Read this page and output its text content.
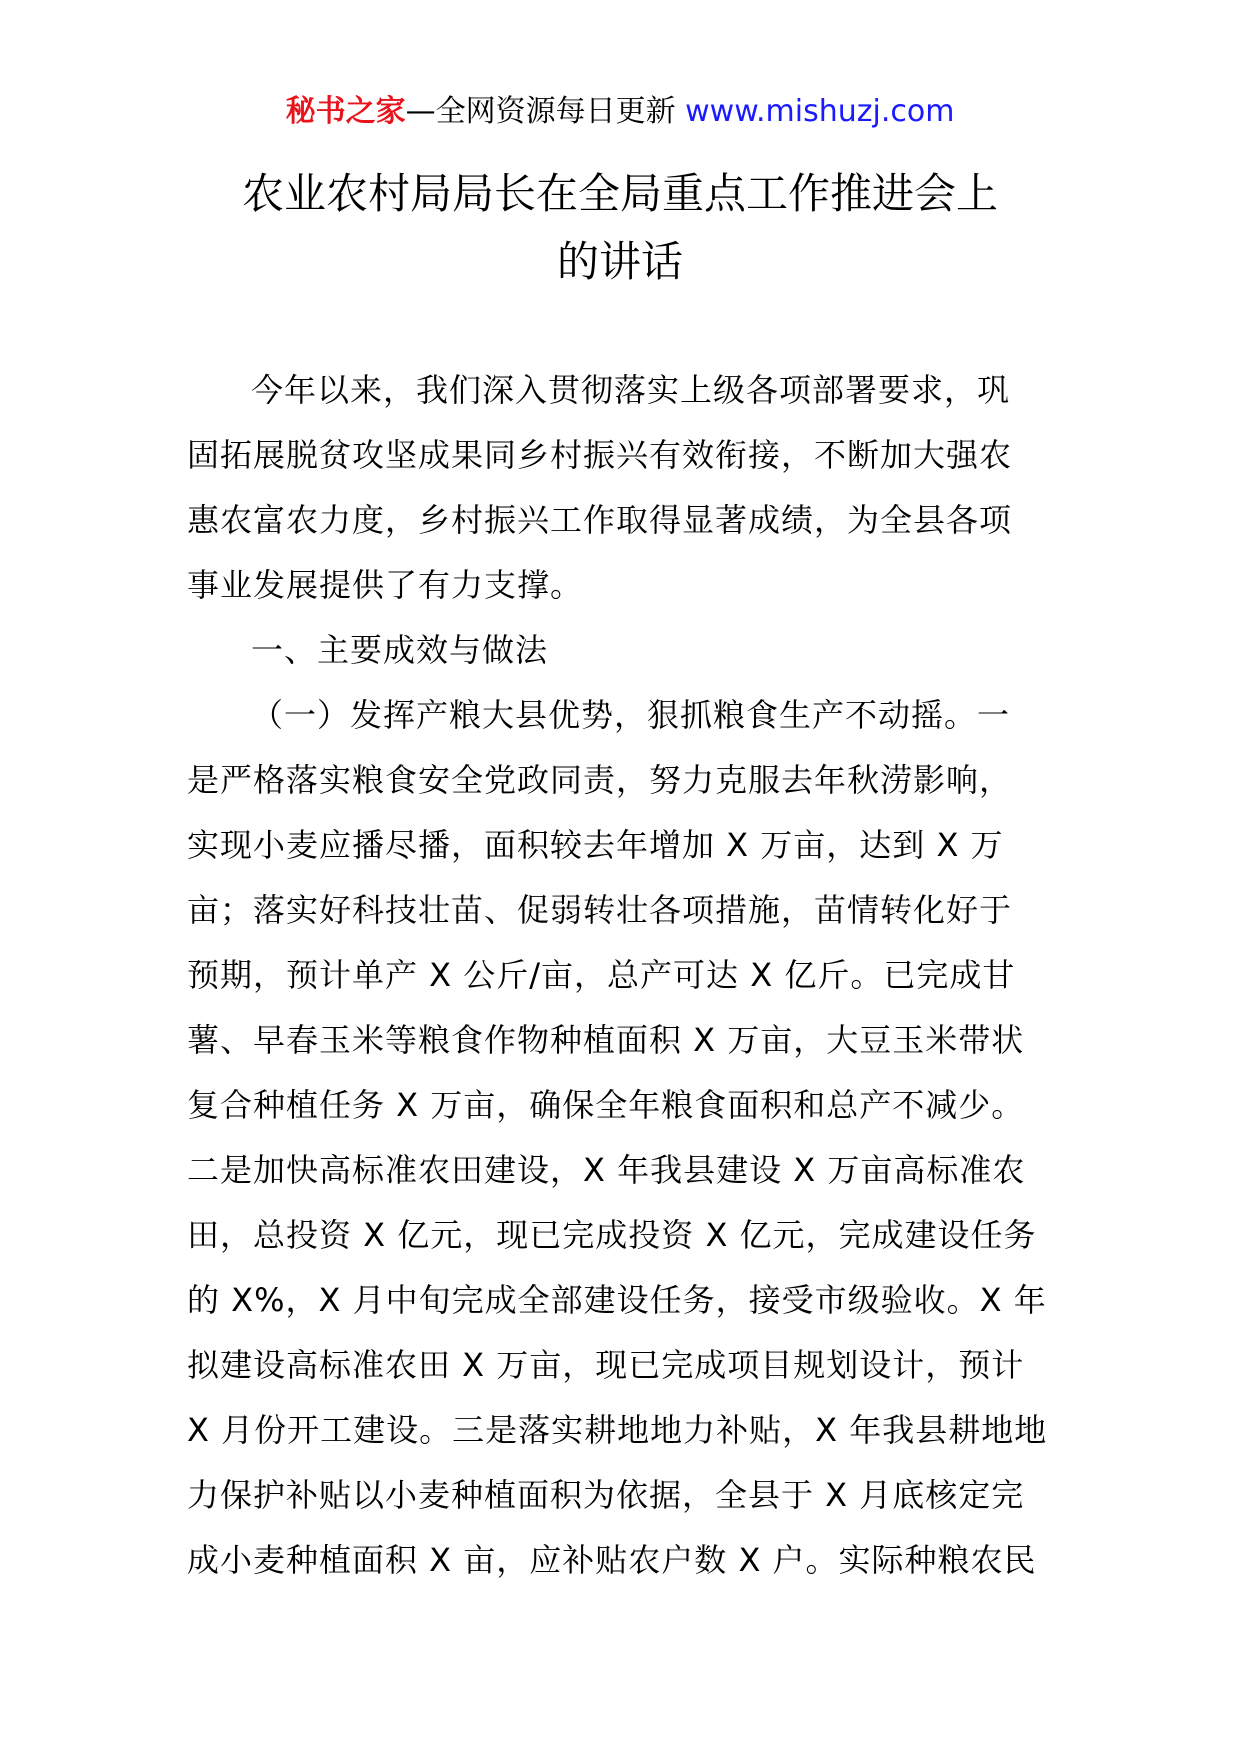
秘书之家—全网资源每日更新 www.mishuzj.com
农业农村局局长在全局重点工作推进会上
的讲话
今年以来，我们深入贯彻落实上级各项部署要求，巩
固拓展脱贫攻坚成果同乡村振兴有效衔接，不断加大强农
惠农富农力度，乡村振兴工作取得显著成绩，为全县各项
事业发展提供了有力支撑。
一、主要成效与做法
（一）发挥产粮大县优势，狠抓粮食生产不动摇。一
是严格落实粮食安全党政同责，努力克服去年秋涝影响，
实现小麦应播尽播，面积较去年增加 X 万亩，达到 X 万
亩；落实好科技壮苗、促弱转壮各项措施，苗情转化好于
预期，预计单产 X 公斤/亩，总产可达 X 亿斤。已完成甘
薯、早春玉米等粮食作物种植面积 X 万亩，大豆玉米带状
复合种植任务 X 万亩，确保全年粮食面积和总产不减少。
二是加快高标准农田建设，X 年我县建设 X 万亩高标准农
田，总投资 X 亿元，现已完成投资 X 亿元，完成建设任务
的 X%，X 月中旬完成全部建设任务，接受市级验收。X 年
拟建设高标准农田 X 万亩，现已完成项目规划设计，预计
X 月份开工建设。三是落实耕地地力补贴，X 年我县耕地地
力保护补贴以小麦种植面积为依据，全县于 X 月底核定完
成小麦种植面积 X 亩，应补贴农户数 X 户。实际种粮农民
